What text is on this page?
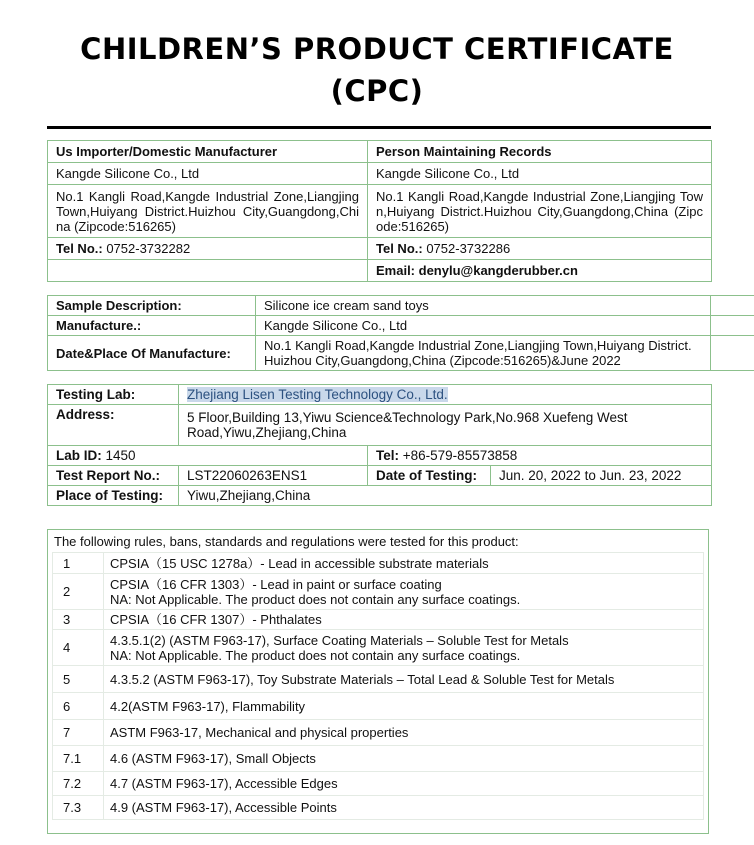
CHILDREN’S PRODUCT CERTIFICATE
(CPC)
Us Importer/Domestic Manufacturer	Person Maintaining Records
Kangde Silicone Co., Ltd	Kangde Silicone Co., Ltd
No.1 Kangli Road,Kangde Industrial Zone,Liangjing Town,Huiyang District.Huizhou City,Guangdong,China (Zipcode:516265)	No.1 Kangli Road,Kangde Industrial Zone,Liangjing Town,Huiyang District.Huizhou City,Guangdong,China (Zipcode:516265)
Tel No.: 0752-3732282	Tel No.: 0752-3732286
	Email: denylu@kangderubber.cn
Sample Description:	Silicone ice cream sand toys	
Manufacture.:	Kangde Silicone Co., Ltd	
Date&Place Of Manufacture:	No.1 Kangli Road,Kangde Industrial Zone,Liangjing Town,Huiyang District. Huizhou City,Guangdong,China (Zipcode:516265)&June 2022	
Testing Lab:	Zhejiang Lisen Testing Technology Co., Ltd.		
Address:	5 Floor,Building 13,Yiwu Science&Technology Park,No.968 Xuefeng West Road,Yiwu,Zhejiang,China		
Lab ID: 1450		Tel: +86-579-85573858	
Test Report No.:	LST22060263ENS1	Date of Testing:	Jun. 20, 2022 to Jun. 23, 2022
Place of Testing:	Yiwu,Zhejiang,China		
The following rules, bans, standards and regulations were tested for this product:
1	CPSIA（15 USC 1278a）- Lead in accessible substrate materials

2	CPSIA（16 CFR 1303）- Lead in paint or surface coating
NA: Not Applicable. The product does not contain any surface coatings.

3	CPSIA（16 CFR 1307）- Phthalates

4	4.3.5.1(2) (ASTM F963-17), Surface Coating Materials – Soluble Test for Metals
NA: Not Applicable. The product does not contain any surface coatings.

5	4.3.5.2 (ASTM F963-17), Toy Substrate Materials – Total Lead & Soluble Test for Metals

6	4.2(ASTM F963-17), Flammability

7	ASTM F963-17, Mechanical and physical properties

7.1	4.6 (ASTM F963-17), Small Objects

7.2	4.7 (ASTM F963-17), Accessible Edges

7.3	4.9 (ASTM F963-17), Accessible Points
